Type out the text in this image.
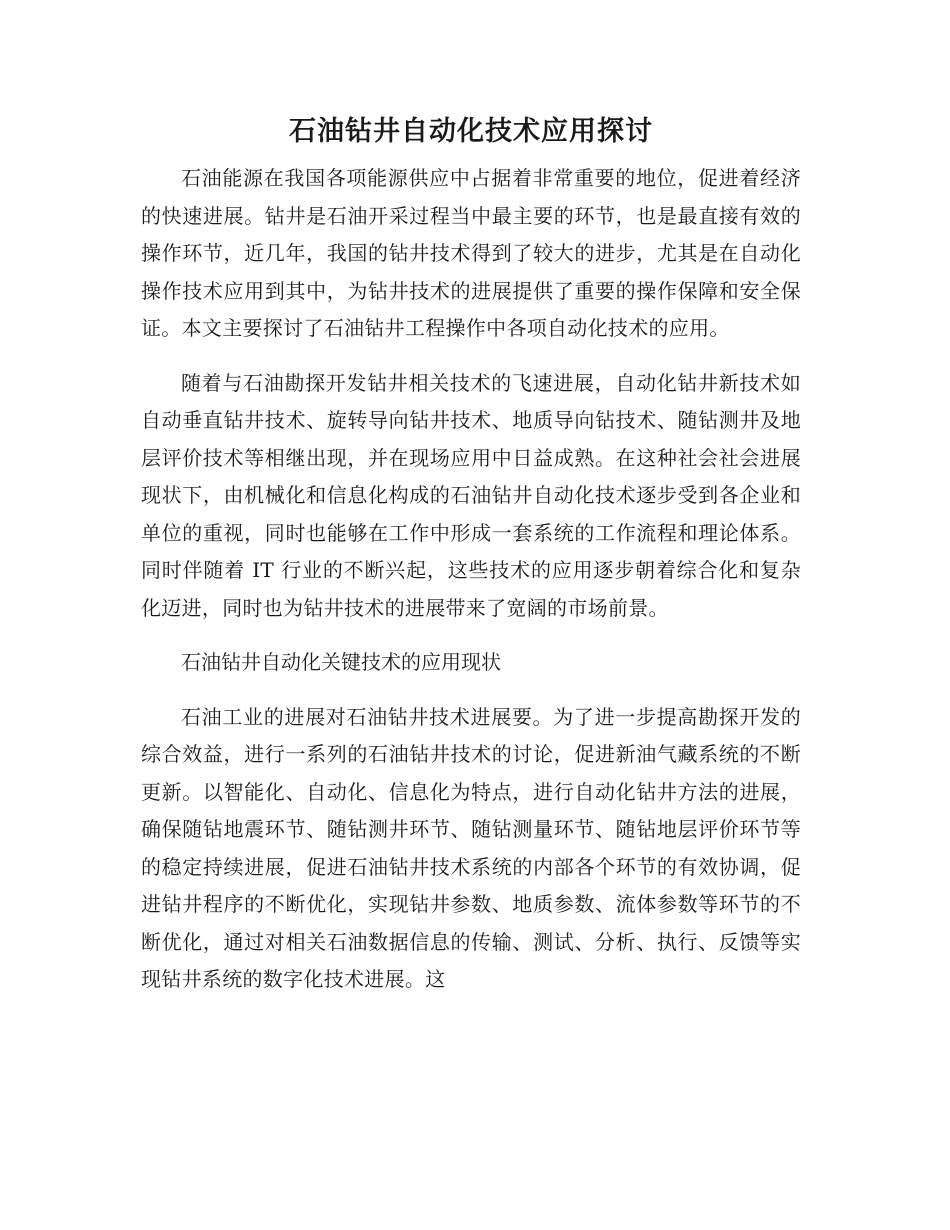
石油钻井自动化技术应用探讨

石油能源在我国各项能源供应中占据着非常重要的地位，促进着经济的快速进展。钻井是石油开采过程当中最主要的环节，也是最直接有效的操作环节，近几年，我国的钻井技术得到了较大的进步，尤其是在自动化操作技术应用到其中，为钻井技术的进展提供了重要的操作保障和安全保证。本文主要探讨了石油钻井工程操作中各项自动化技术的应用。

随着与石油勘探开发钻井相关技术的飞速进展，自动化钻井新技术如自动垂直钻井技术、旋转导向钻井技术、地质导向钻技术、随钻测井及地层评价技术等相继出现，并在现场应用中日益成熟。在这种社会社会进展现状下，由机械化和信息化构成的石油钻井自动化技术逐步受到各企业和单位的重视，同时也能够在工作中形成一套系统的工作流程和理论体系。同时伴随着 IT 行业的不断兴起，这些技术的应用逐步朝着综合化和复杂化迈进，同时也为钻井技术的进展带来了宽阔的市场前景。

石油钻井自动化关键技术的应用现状

石油工业的进展对石油钻井技术进展要。为了进一步提高勘探开发的综合效益，进行一系列的石油钻井技术的讨论，促进新油气藏系统的不断更新。以智能化、自动化、信息化为特点，进行自动化钻井方法的进展，确保随钻地震环节、随钻测井环节、随钻测量环节、随钻地层评价环节等的稳定持续进展，促进石油钻井技术系统的内部各个环节的有效协调，促进钻井程序的不断优化，实现钻井参数、地质参数、流体参数等环节的不断优化，通过对相关石油数据信息的传输、测试、分析、执行、反馈等实现钻井系统的数字化技术进展。这
